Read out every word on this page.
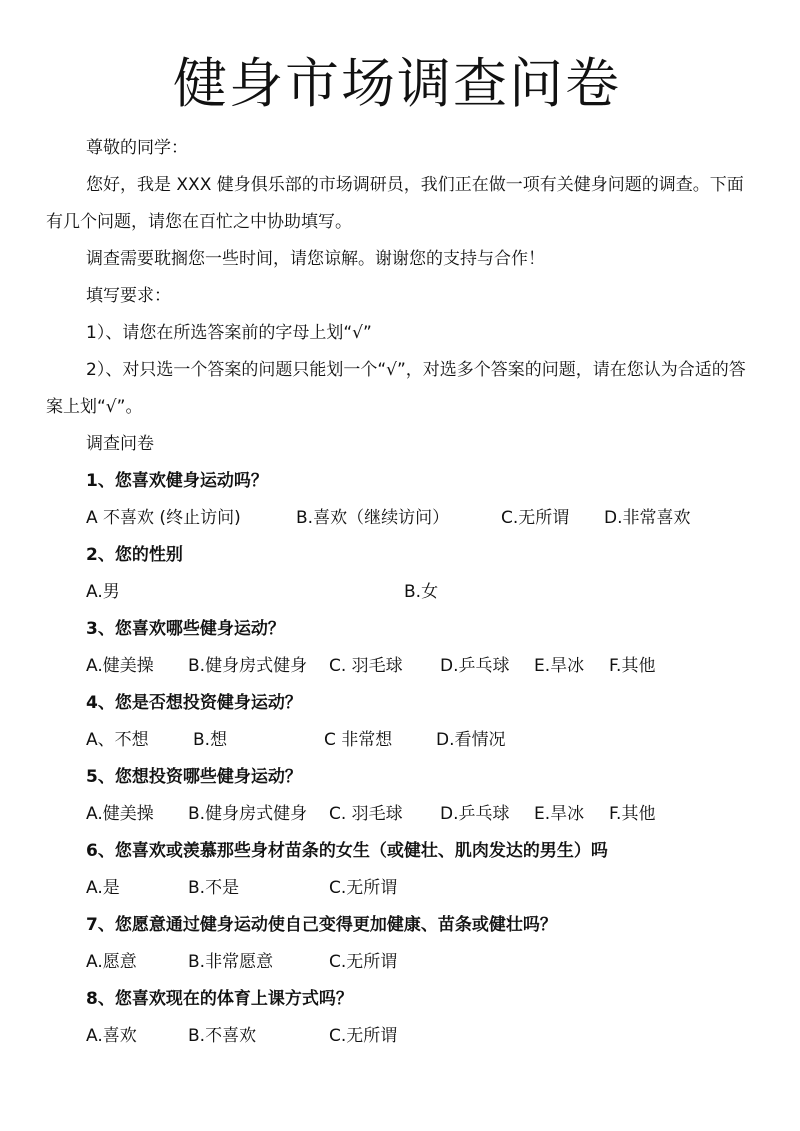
健身市场调查问卷

尊敬的同学：

您好，我是 XXX 健身俱乐部的市场调研员，我们正在做一项有关健身问题的调查。下面有几个问题，请您在百忙之中协助填写。

调查需要耽搁您一些时间，请您谅解。谢谢您的支持与合作！

填写要求：

1）、请您在所选答案前的字母上划“√”

2）、对只选一个答案的问题只能划一个“√”，对选多个答案的问题，请在您认为合适的答案上划“√”。

调查问卷

1、您喜欢健身运动吗？

A 不喜欢 (终止访问)	B.喜欢（继续访问）	C.无所谓 D.非常喜欢

2、您的性别

A.男	B.女

3、您喜欢哪些健身运动？

A.健美操 B.健身房式健身 C. 羽毛球 D.乒乓球 E.旱冰 F.其他

4、您是否想投资健身运动？

A、不想	B.想	C 非常想	D.看情况

5、您想投资哪些健身运动？

A.健美操 B.健身房式健身 C. 羽毛球 D.乒乓球 E.旱冰 F.其他

6、您喜欢或羡慕那些身材苗条的女生（或健壮、肌肉发达的男生）吗

A.是	B.不是	C.无所谓

7、您愿意通过健身运动使自己变得更加健康、苗条或健壮吗？

A.愿意	B.非常愿意	C.无所谓

8、您喜欢现在的体育上课方式吗？

A.喜欢	B.不喜欢	C.无所谓
